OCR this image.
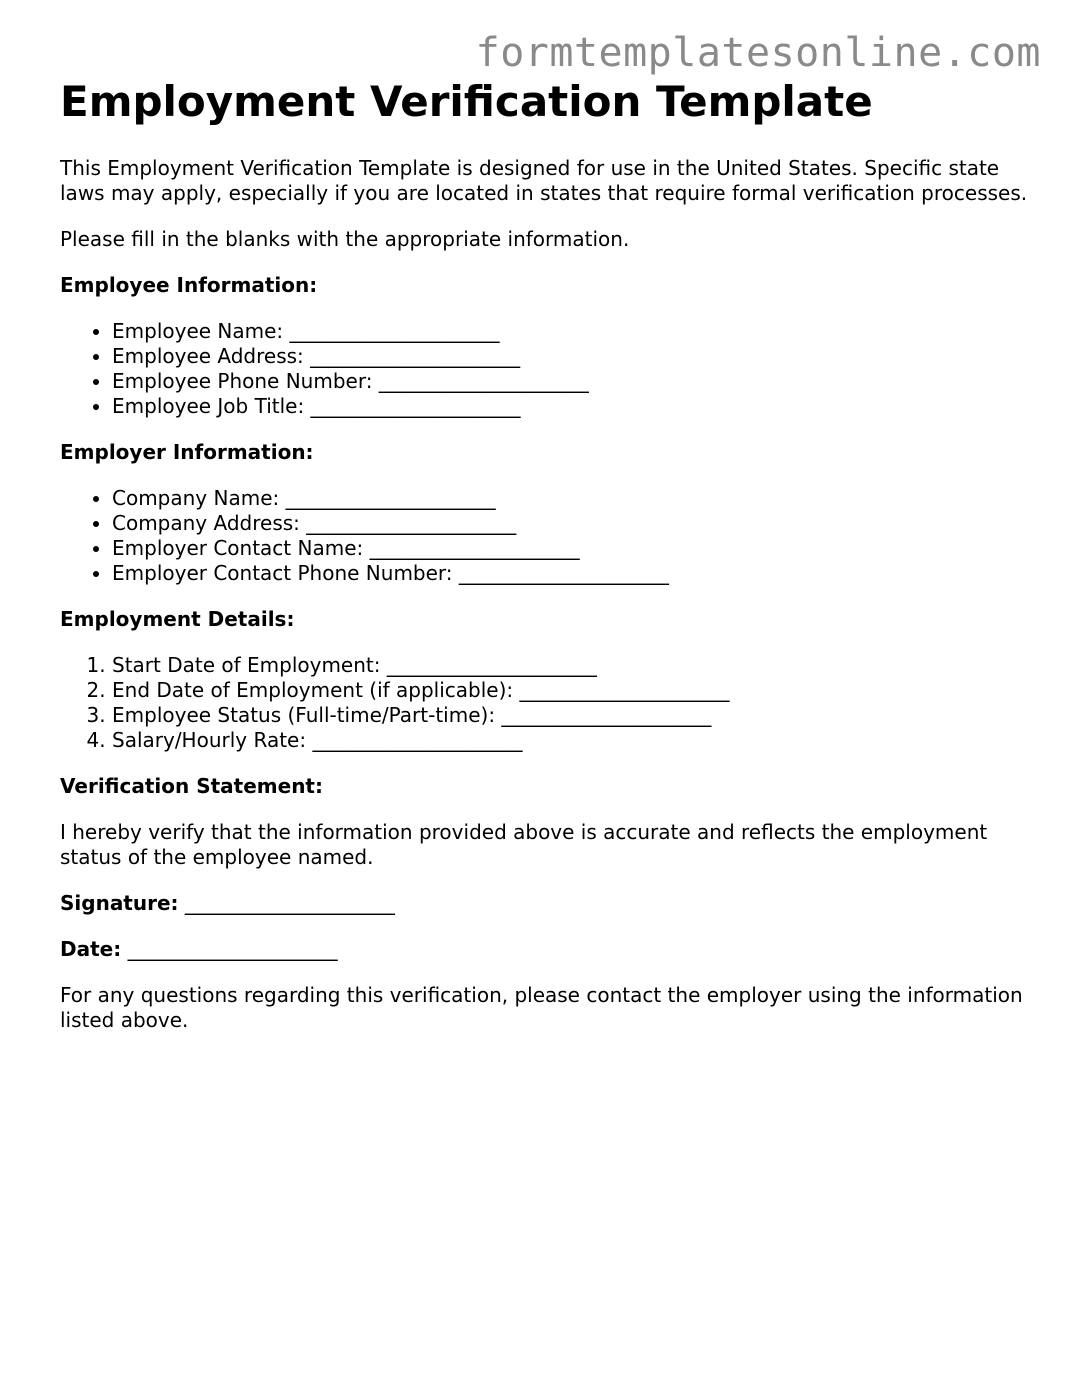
formtemplatesonline.com
Employment Verification Template

This Employment Verification Template is designed for use in the United States. Specific state laws may apply, especially if you are located in states that require formal verification processes.

Please fill in the blanks with the appropriate information.

Employee Information:
• Employee Name: _____________________
• Employee Address: _____________________
• Employee Phone Number: _____________________
• Employee Job Title: _____________________
Employer Information:
• Company Name: _____________________
• Company Address: _____________________
• Employer Contact Name: _____________________
• Employer Contact Phone Number: _____________________
Employment Details:
1. Start Date of Employment: _____________________
2. End Date of Employment (if applicable): _____________________
3. Employee Status (Full-time/Part-time): _____________________
4. Salary/Hourly Rate: _____________________
Verification Statement:

I hereby verify that the information provided above is accurate and reflects the employment status of the employee named.

Signature: _____________________

Date: _____________________

For any questions regarding this verification, please contact the employer using the information listed above.
